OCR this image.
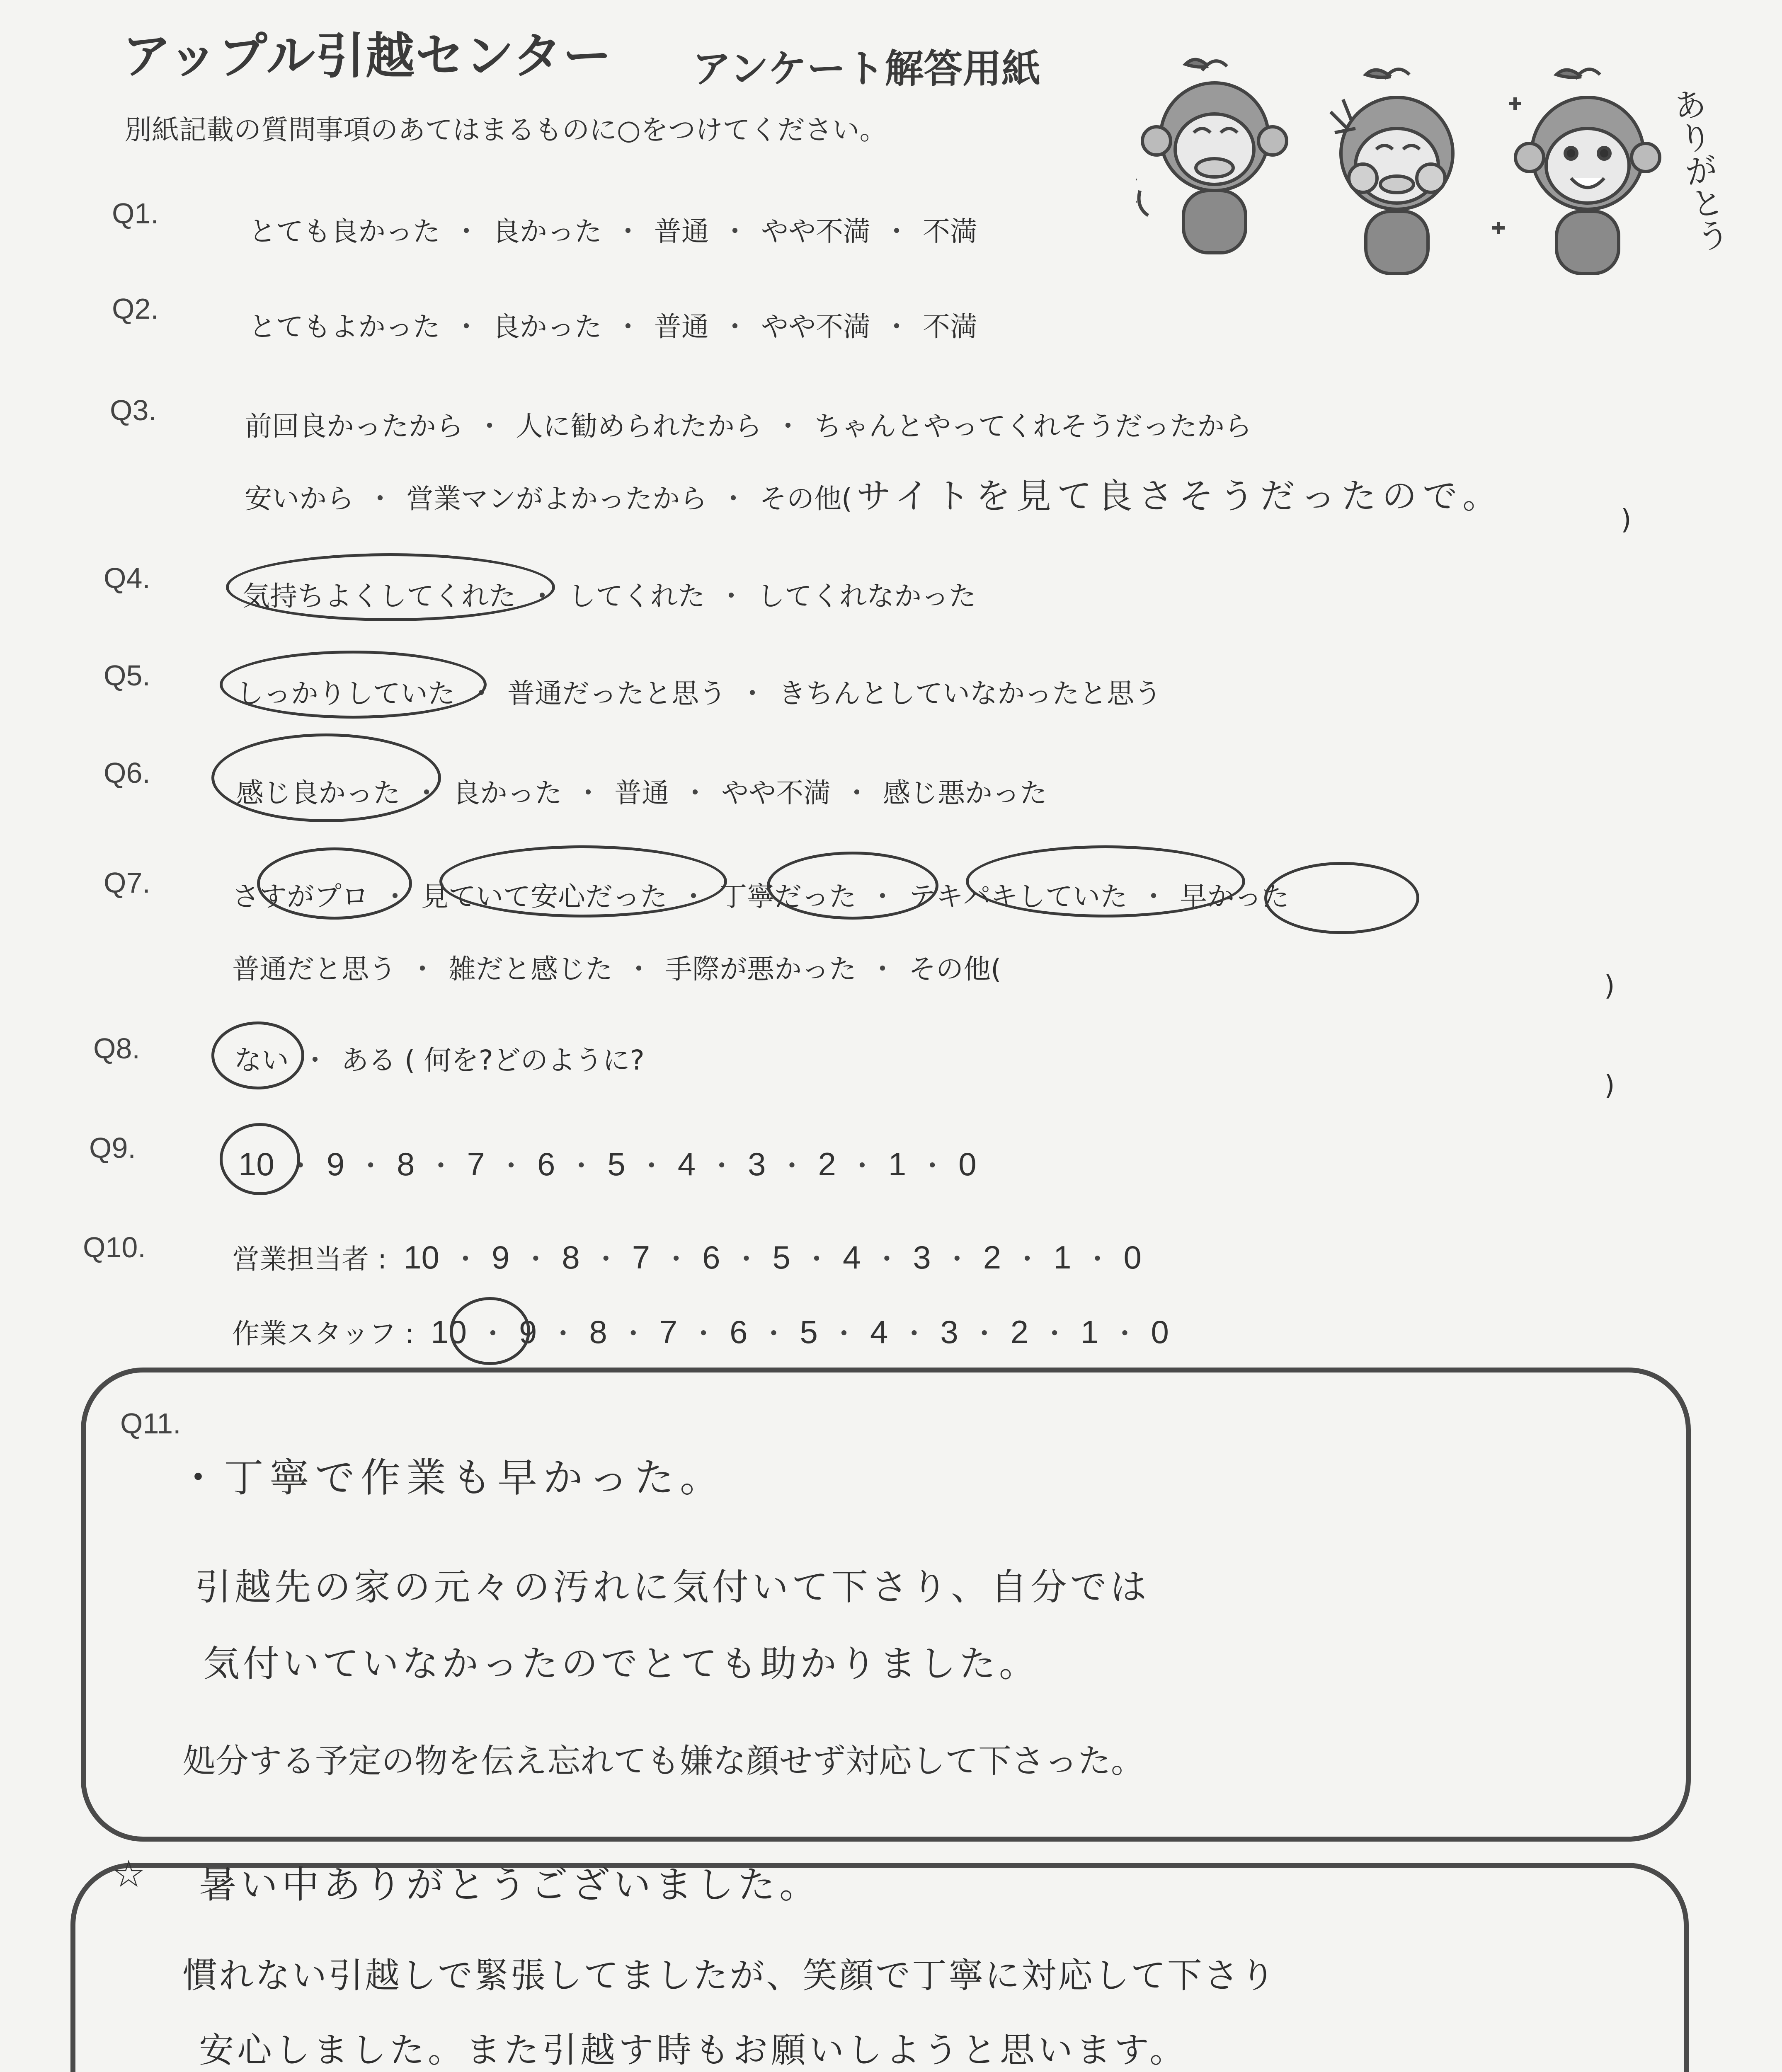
アップル引越センター アンケート解答用紙
別紙記載の質問事項のあてはまるものに○をつけてください。	ありがとう
Q1.
とても良かった ・ 良かった ・ 普通 ・ やや不満 ・ 不満
Q2.
とてもよかった ・ 良かった ・ 普通 ・ やや不満 ・ 不満
Q3.	前回良かったから ・ 人に勧められたから ・ ちゃんとやってくれそうだったから
安いから ・ 営業マンがよかったから ・ その他( サイトを見て良さそうだったので。
)
Q4.
気持ちよくしてくれた ・ してくれた ・ してくれなかった
Q5.
しっかりしていた ・ 普通だったと思う ・ きちんとしていなかったと思う
Q6.
感じ良かった ・ 良かった ・ 普通 ・ やや不満 ・ 感じ悪かった
Q7.	さすがプロ ・ 見ていて安心だった ・ 丁寧だった ・ テキパキしていた ・ 早かった
普通だと思う ・ 雑だと感じた ・ 手際が悪かった ・ その他(
)
Q8.	ない ・ ある ( 何を?どのように?
)
Q9.	10 ・ 9 ・ 8 ・ 7 ・ 6 ・ 5 ・ 4 ・ 3 ・ 2 ・ 1 ・ 0
Q10.	営業担当者 : 10 ・ 9 ・ 8 ・ 7 ・ 6 ・ 5 ・ 4 ・ 3 ・ 2 ・ 1 ・ 0
作業スタッフ : 10 ・ 9 ・ 8 ・ 7 ・ 6 ・ 5 ・ 4 ・ 3 ・ 2 ・ 1 ・ 0
Q11.
・丁寧で作業も早かった。
引越先の家の元々の汚れに気付いて下さり、自分では
気付いていなかったのでとても助かりました。
処分する予定の物を伝え忘れても嫌な顔せず対応して下さった。
☆ 暑い中ありがとうございました。
慣れない引越しで緊張してましたが、笑顔で丁寧に対応して下さり
安心しました。また引越す時もお願いしようと思います。
